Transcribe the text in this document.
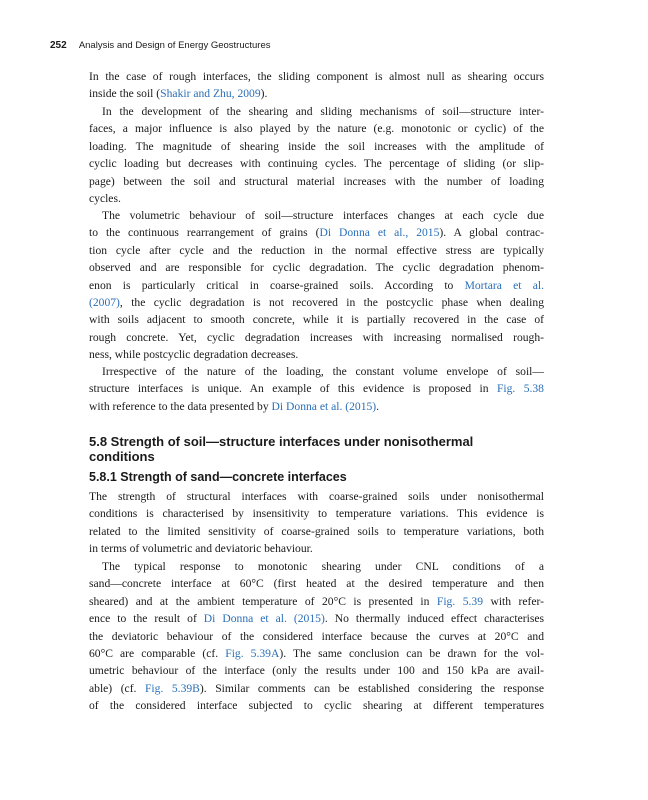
252 Analysis and Design of Energy Geostructures

In the case of rough interfaces, the sliding component is almost null as shearing occurs
inside the soil (Shakir and Zhu, 2009).

In the development of the shearing and sliding mechanisms of soil—structure inter-
faces, a major influence is also played by the nature (e.g. monotonic or cyclic) of the
loading. The magnitude of shearing inside the soil increases with the amplitude of
cyclic loading but decreases with continuing cycles. The percentage of sliding (or slip-
page) between the soil and structural material increases with the number of loading
cycles.

The volumetric behaviour of soil—structure interfaces changes at each cycle due
to the continuous rearrangement of grains (Di Donna et al., 2015). A global contrac-
tion cycle after cycle and the reduction in the normal effective stress are typically
observed and are responsible for cyclic degradation. The cyclic degradation phenom-
enon is particularly critical in coarse-grained soils. According to Mortara et al.
(2007), the cyclic degradation is not recovered in the postcyclic phase when dealing
with soils adjacent to smooth concrete, while it is partially recovered in the case of
rough concrete. Yet, cyclic degradation increases with increasing normalised rough-
ness, while postcyclic degradation decreases.

Irrespective of the nature of the loading, the constant volume envelope of soil—
structure interfaces is unique. An example of this evidence is proposed in Fig. 5.38
with reference to the data presented by Di Donna et al. (2015).

5.8 Strength of soil—structure interfaces under nonisothermal
conditions
5.8.1 Strength of sand—concrete interfaces

The strength of structural interfaces with coarse-grained soils under nonisothermal
conditions is characterised by insensitivity to temperature variations. This evidence is
related to the limited sensitivity of coarse-grained soils to temperature variations, both
in terms of volumetric and deviatoric behaviour.

The typical response to monotonic shearing under CNL conditions of a
sand—concrete interface at 60°C (first heated at the desired temperature and then
sheared) and at the ambient temperature of 20°C is presented in Fig. 5.39 with refer-
ence to the result of Di Donna et al. (2015). No thermally induced effect characterises
the deviatoric behaviour of the considered interface because the curves at 20°C and
60°C are comparable (cf. Fig. 5.39A). The same conclusion can be drawn for the vol-
umetric behaviour of the interface (only the results under 100 and 150 kPa are avail-
able) (cf. Fig. 5.39B). Similar comments can be established considering the response
of the considered interface subjected to cyclic shearing at different temperatures
